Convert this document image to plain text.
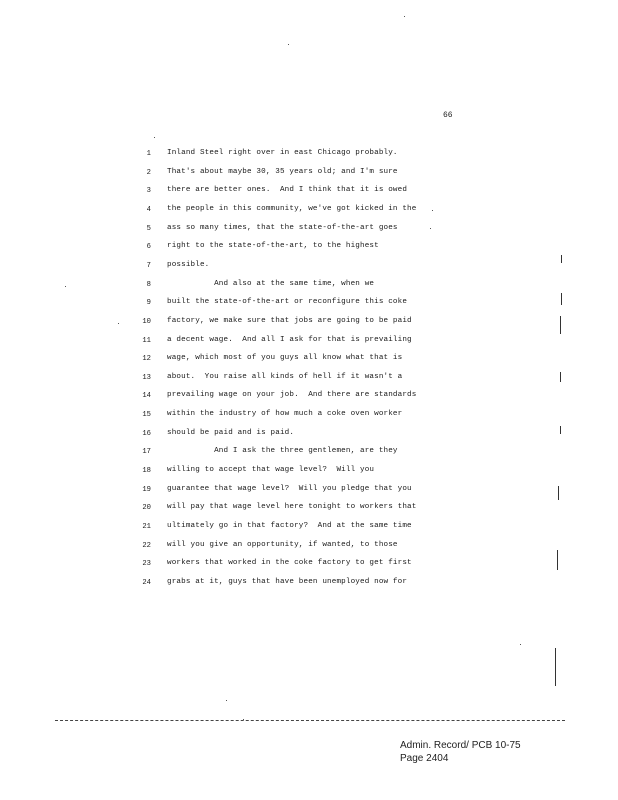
66
1 Inland Steel right over in east Chicago probably.
2 That's about maybe 30, 35 years old; and I'm sure
3 there are better ones.  And I think that it is owed
4 the people in this community, we've got kicked in the
5 ass so many times, that the state-of-the-art goes
6 right to the state-of-the-art, to the highest
7 possible.
8 And also at the same time, when we
9 built the state-of-the-art or reconfigure this coke
10 factory, we make sure that jobs are going to be paid
11 a decent wage.  And all I ask for that is prevailing
12 wage, which most of you guys all know what that is
13 about.  You raise all kinds of hell if it wasn't a
14 prevailing wage on your job.  And there are standards
15 within the industry of how much a coke oven worker
16 should be paid and is paid.
17 And I ask the three gentlemen, are they
18 willing to accept that wage level?  Will you
19 guarantee that wage level?  Will you pledge that you
20 will pay that wage level here tonight to workers that
21 ultimately go in that factory?  And at the same time
22 will you give an opportunity, if wanted, to those
23 workers that worked in the coke factory to get first
24 grabs at it, guys that have been unemployed now for
Admin. Record/ PCB 10-75
Page 2404
